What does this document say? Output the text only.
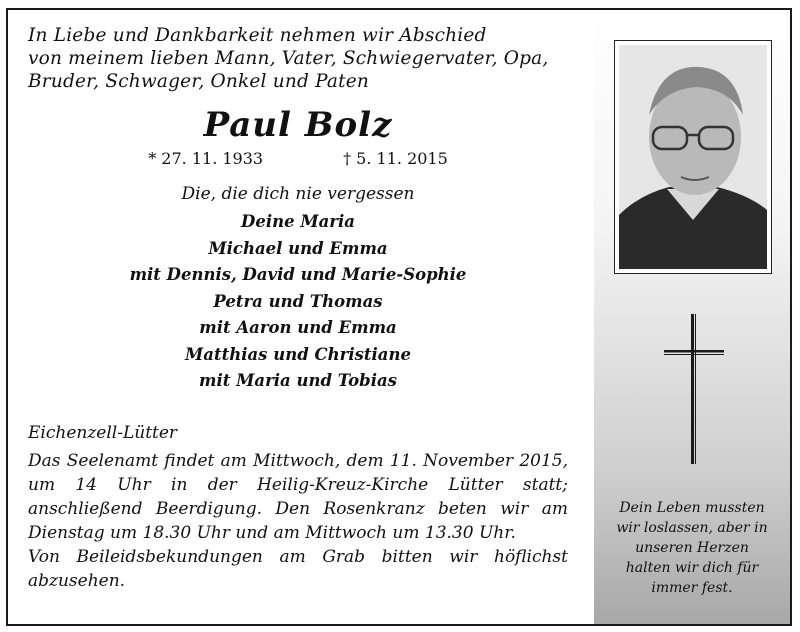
In Liebe und Dankbarkeit nehmen wir Abschied
von meinem lieben Mann, Vater, Schwiegervater, Opa,
Bruder, Schwager, Onkel und Paten

Paul Bolz
* 27. 11. 1933	† 5. 11. 2015
Die, die dich nie vergessen
Deine Maria
Michael und Emma
mit Dennis, David und Marie-Sophie
Petra und Thomas
mit Aaron und Emma
Matthias und Christiane
mit Maria und Tobias
Eichenzell-Lütter
Das Seelenamt findet am Mittwoch, dem 11. November 2015, um 14 Uhr in der Heilig-Kreuz-Kirche Lütter statt; anschließend Beerdigung. Den Rosenkranz beten wir am Dienstag um 18.30 Uhr und am Mittwoch um 13.30 Uhr.
Von Beileidsbekundungen am Grab bitten wir höflichst abzusehen.
Dein Leben mussten
wir loslassen, aber in
unseren Herzen
halten wir dich für
immer fest.
